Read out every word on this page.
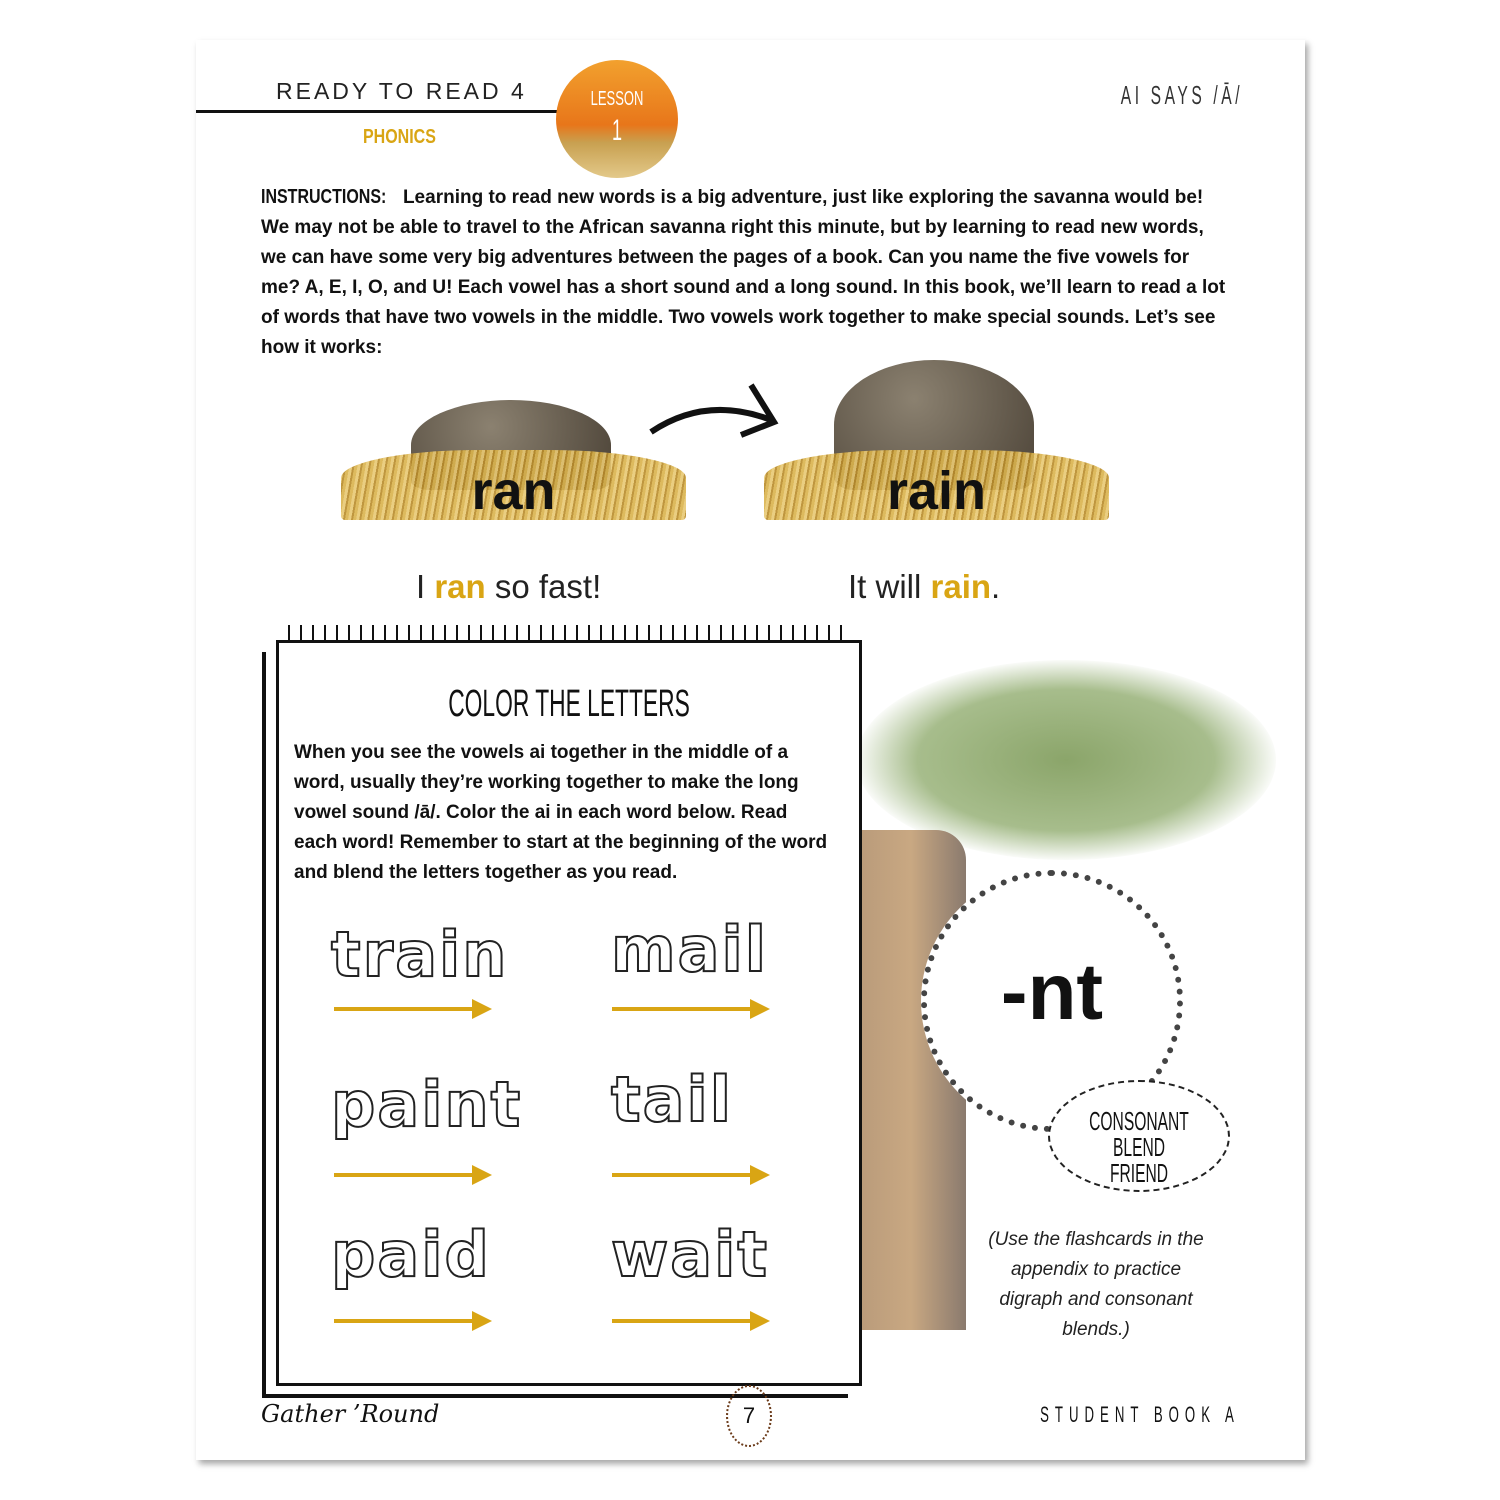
READY TO READ 4
PHONICS
LESSON
1
AI SAYS /Ā/
INSTRUCTIONS: Learning to read new words is a big adventure, just like exploring the savanna would be! We may not be able to travel to the African savanna right this minute, but by learning to read new words, we can have some very big adventures between the pages of a book. Can you name the five vowels for me? A, E, I, O, and U! Each vowel has a short sound and a long sound. In this book, we’ll learn to read a lot of words that have two vowels in the middle. Two vowels work together to make special sounds. Let’s see how it works:
ran	rain
I ran so fast!	It will rain.
COLOR THE LETTERS
When you see the vowels ai together in the middle of a word, usually they’re working together to make the long vowel sound /ā/. Color the ai in each word below. Read each word! Remember to start at the beginning of the word and blend the letters together as you read.
train mail
paint tail
paid wait
-nt
CONSONANT
BLEND FRIEND
(Use the flashcards in the appendix to practice digraph and consonant blends.)
Gather ’Round	7	STUDENT BOOK A
